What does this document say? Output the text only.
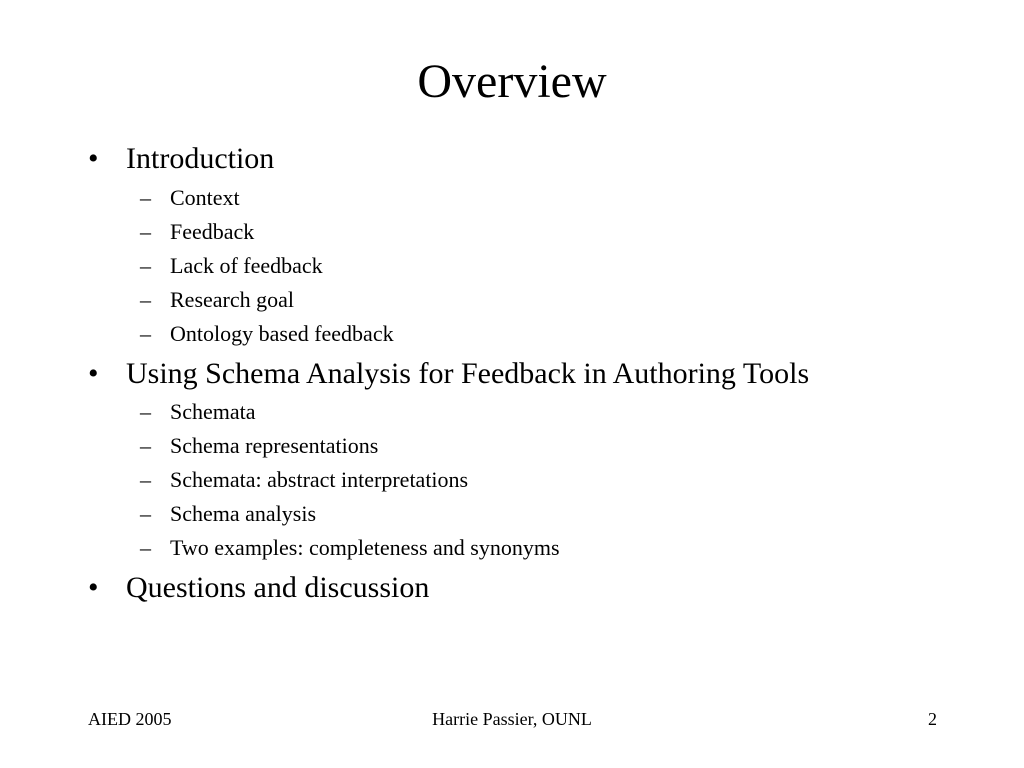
Overview
• Introduction
– Context
– Feedback
– Lack of feedback
– Research goal
– Ontology based feedback
• Using Schema Analysis for Feedback in Authoring Tools
– Schemata
– Schema representations
– Schemata: abstract interpretations
– Schema analysis
– Two examples: completeness and synonyms
• Questions and discussion
AIED 2005	Harrie Passier, OUNL	2
